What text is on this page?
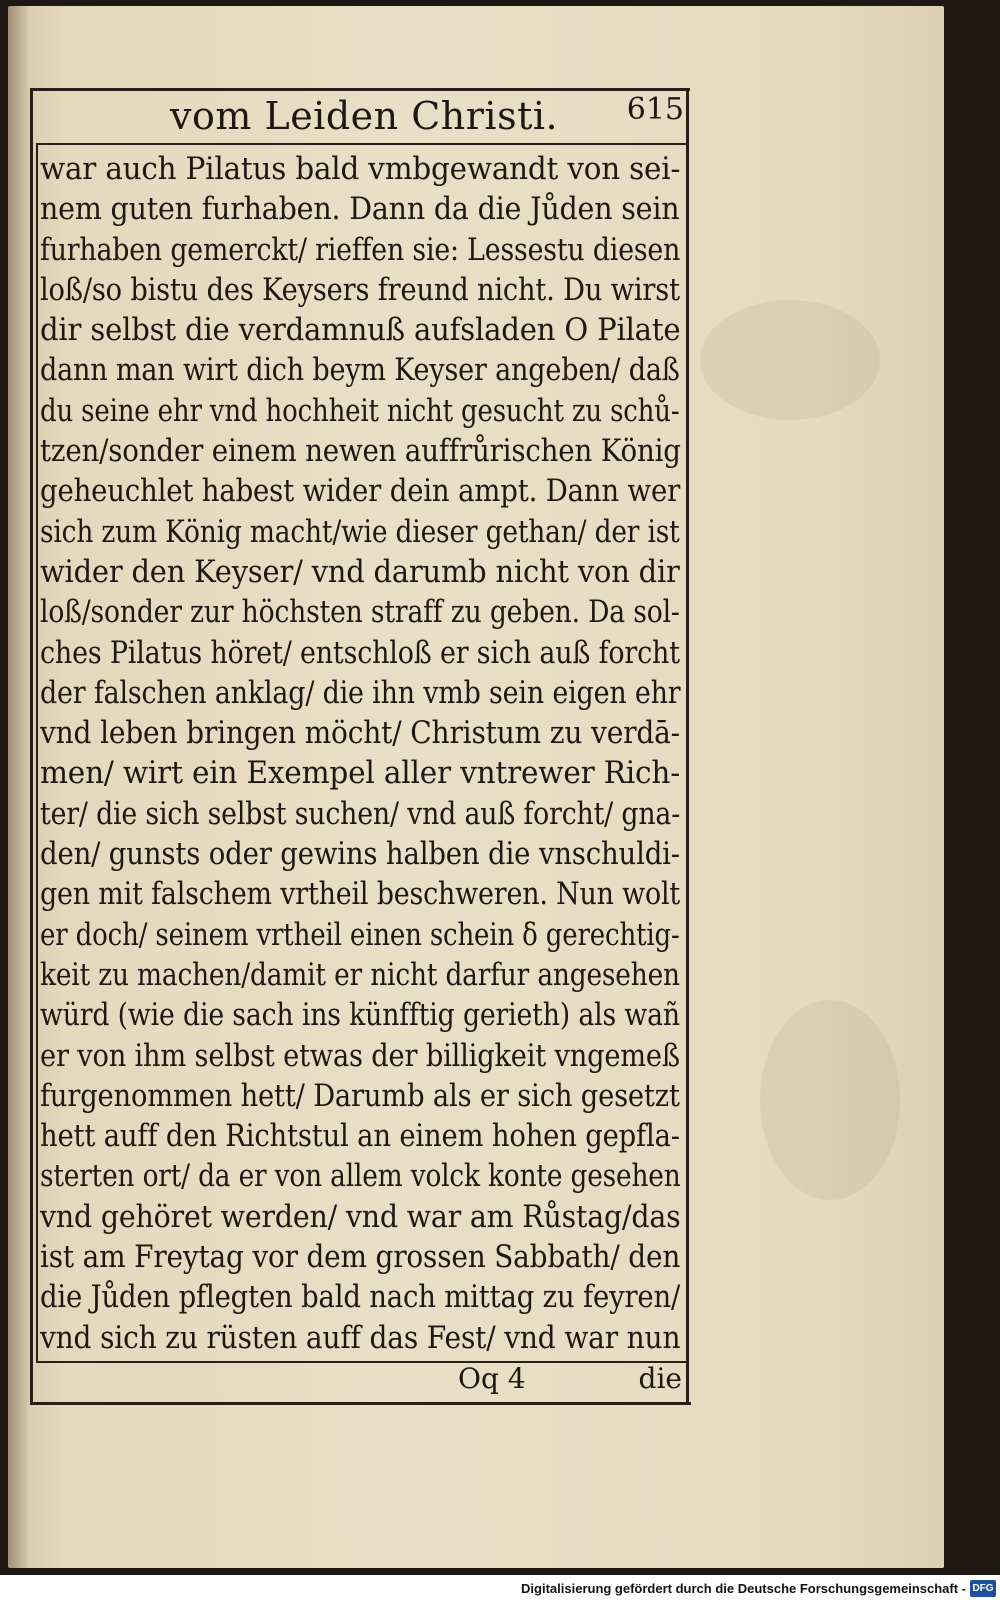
vom Leiden Christi.	615
war auch Pilatus bald vmbgewandt von sei-
nem guten furhaben. Dann da die Jůden sein
furhaben gemerckt/ rieffen sie: Lessestu diesen
loß/so bistu des Keysers freund nicht. Du wirst
dir selbst die verdamnuß aufsladen O Pilate
dann man wirt dich beym Keyser angeben/ daß
du seine ehr vnd hochheit nicht gesucht zu schů-
tzen/sonder einem newen auffrůrischen König
geheuchlet habest wider dein ampt. Dann wer
sich zum König macht/wie dieser gethan/ der ist
wider den Keyser/ vnd darumb nicht von dir
loß/sonder zur höchsten straff zu geben. Da sol-
ches Pilatus höret/ entschloß er sich auß forcht
der falschen anklag/ die ihn vmb sein eigen ehr
vnd leben bringen möcht/ Christum zu verdā-
men/ wirt ein Exempel aller vntrewer Rich-
ter/ die sich selbst suchen/ vnd auß forcht/ gna-
den/ gunsts oder gewins halben die vnschuldi-
gen mit falschem vrtheil beschweren. Nun wolt
er doch/ seinem vrtheil einen schein ẟ gerechtig-
keit zu machen/damit er nicht darfur angesehen
würd (wie die sach ins künfftig gerieth) als wañ
er von ihm selbst etwas der billigkeit vngemeß
furgenommen hett/ Darumb als er sich gesetzt
hett auff den Richtstul an einem hohen gepfla-
sterten ort/ da er von allem volck konte gesehen
vnd gehöret werden/ vnd war am Růstag/das
ist am Freytag vor dem grossen Sabbath/ den
die Jůden pflegten bald nach mittag zu feyren/
vnd sich zu rüsten auff das Fest/ vnd war nun
Oq 4	die
Digitalisierung gefördert durch die Deutsche Forschungsgemeinschaft - DFG
